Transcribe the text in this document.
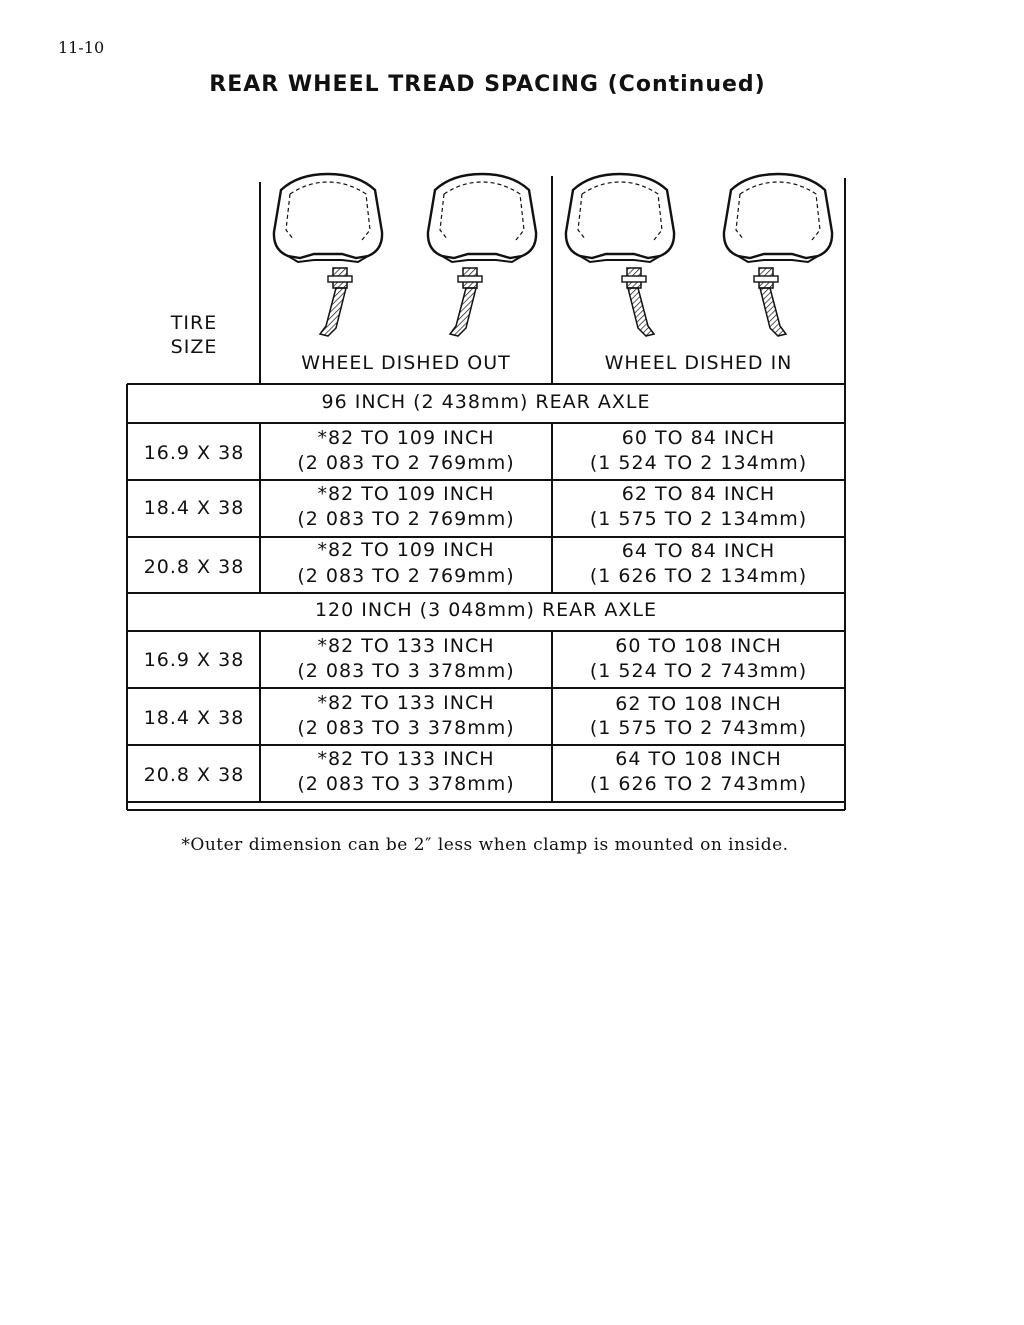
11-10
REAR WHEEL TREAD SPACING (Continued)
TIRE
SIZE
WHEEL DISHED OUT	WHEEL DISHED IN
96 INCH (2 438mm) REAR AXLE
16.9 X 38
*82 TO 109 INCH
(2 083 TO 2 769mm)
60 TO 84 INCH
(1 524 TO 2 134mm)
18.4 X 38
*82 TO 109 INCH
(2 083 TO 2 769mm)
62 TO 84 INCH
(1 575 TO 2 134mm)
20.8 X 38
*82 TO 109 INCH
(2 083 TO 2 769mm)
64 TO 84 INCH
(1 626 TO 2 134mm)
120 INCH (3 048mm) REAR AXLE
16.9 X 38
*82 TO 133 INCH
(2 083 TO 3 378mm)
60 TO 108 INCH
(1 524 TO 2 743mm)
18.4 X 38
*82 TO 133 INCH
(2 083 TO 3 378mm)
62 TO 108 INCH
(1 575 TO 2 743mm)
20.8 X 38
*82 TO 133 INCH
(2 083 TO 3 378mm)
64 TO 108 INCH
(1 626 TO 2 743mm)
*Outer dimension can be 2″ less when clamp is mounted on inside.
